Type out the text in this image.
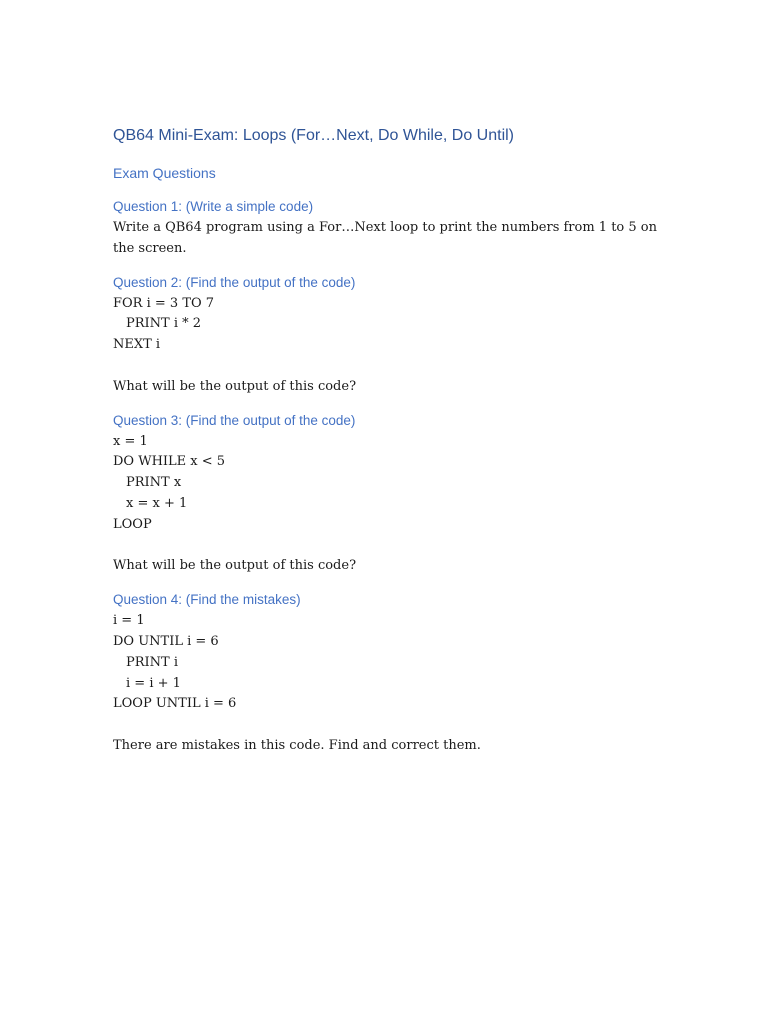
QB64 Mini-Exam: Loops (For…Next, Do While, Do Until)
Exam Questions
Question 1: (Write a simple code)
Write a QB64 program using a For…Next loop to print the numbers from 1 to 5 on the screen.
Question 2: (Find the output of the code)
FOR i = 3 TO 7
PRINT i * 2
NEXT i
What will be the output of this code?
Question 3: (Find the output of the code)
x = 1
DO WHILE x < 5
PRINT x
x = x + 1
LOOP
What will be the output of this code?
Question 4: (Find the mistakes)
i = 1
DO UNTIL i = 6
PRINT i
i = i + 1
LOOP UNTIL i = 6
There are mistakes in this code. Find and correct them.
